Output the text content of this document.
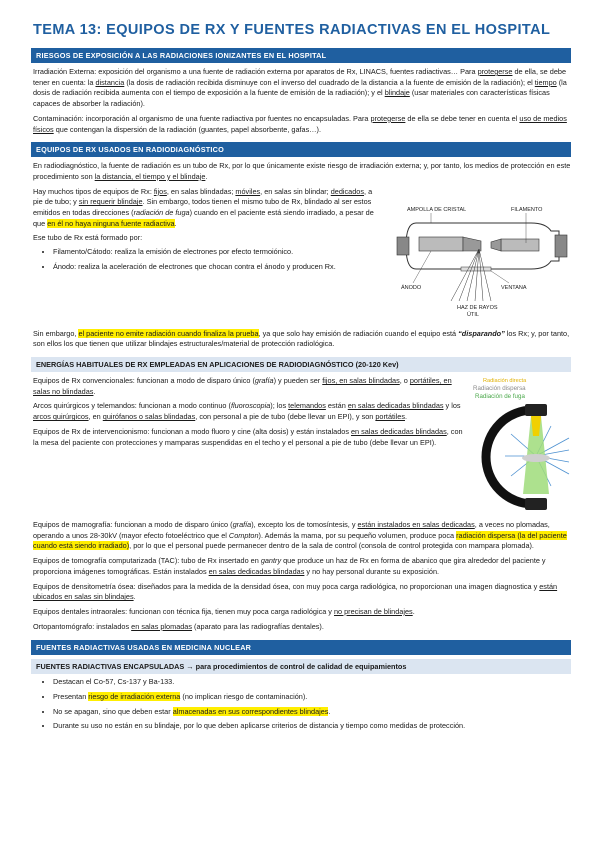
TEMA 13: EQUIPOS DE RX Y FUENTES RADIACTIVAS EN EL HOSPITAL
RIESGOS DE EXPOSICIÓN A LAS RADIACIONES IONIZANTES EN EL HOSPITAL

Irradiación Externa: exposición del organismo a una fuente de radiación externa por aparatos de Rx, LINACS, fuentes radiactivas… Para protegerse de ella, se debe tener en cuenta: la distancia (la dosis de radiación recibida disminuye con el inverso del cuadrado de la distancia a la fuente de emisión de la radiación); el tiempo (la dosis de radiación recibida aumenta con el tiempo de exposición a la fuente de emisión de la radiación); y el blindaje (usar materiales con características físicas capaces de absorber la radiación).

Contaminación: incorporación al organismo de una fuente radiactiva por fuentes no encapsuladas. Para protegerse de ella se debe tener en cuenta el uso de medios físicos que contengan la dispersión de la radiación (guantes, papel absorbente, gafas…).

EQUIPOS DE RX USADOS EN RADIODIAGNÓSTICO

En radiodiagnóstico, la fuente de radiación es un tubo de Rx, por lo que únicamente existe riesgo de irradiación externa; y, por tanto, los medios de protección en este procedimiento son la distancia, el tiempo y el blindaje.

Hay muchos tipos de equipos de Rx: fijos, en salas blindadas; móviles, en salas sin blindar; dedicados, a pie de tubo; y sin requerir blindaje. Sin embargo, todos tienen el mismo tubo de Rx, blindado al ser estos emitidos en todas direcciones (radiación de fuga) cuando en el paciente está siendo irradiado, a pesar de que en él no haya ninguna fuente radiactiva.

Ese tubo de Rx está formado por:

• Filamento/Cátodo: realiza la emisión de electrones por efecto termoiónico.
• Ánodo: realiza la aceleración de electrones que chocan contra el ánodo y producen Rx.
AMPOLLA DE CRISTAL	FILAMENTO
ÁNODO	VENTANA
HAZ DE RAYOS
ÚTIL

Sin embargo, el paciente no emite radiación cuando finaliza la prueba, ya que solo hay emisión de radiación cuando el equipo está “disparando” los Rx; y, por tanto, son ellos los que tienen que utilizar blindajes estructurales/material de protección radiológica.

ENERGÍAS HABITUALES DE RX EMPLEADAS EN APLICACIONES DE RADIODIAGNÓSTICO (20-120 Kev)

Equipos de Rx convencionales: funcionan a modo de disparo único (grafía) y pueden ser fijos, en salas blindadas, o portátiles, en salas no blindadas.

Arcos quirúrgicos y telemandos: funcionan a modo continuo (fluoroscopia); los telemandos están en salas dedicadas blindadas y los arcos quirúrgicos, en quirófanos o salas blindadas, con personal a pie de tubo (debe llevar un EPI), y son portátiles.

Equipos de Rx de intervencionismo: funcionan a modo fluoro y cine (alta dosis) y están instalados en salas dedicadas blindadas, con la mesa del paciente con protecciones y mamparas suspendidas en el techo y el personal a pie de tubo (debe llevar un EPI).

Radiación directa
Radiación dispersa
Radiación de fuga

Equipos de mamografía: funcionan a modo de disparo único (grafía), excepto los de tomosíntesis, y están instalados en salas dedicadas, a veces no plomadas, operando a unos 28-30kV (mayor efecto fotoeléctrico que el Compton). Además la mama, por su pequeño volumen, produce poca radiación dispersa (la del paciente cuando está siendo irradiado), por lo que el personal puede permanecer dentro de la sala de control (consola de control protegida con mampara plomada).

Equipos de tomografía computarizada (TAC): tubo de Rx insertado en gantry que produce un haz de Rx en forma de abanico que gira alrededor del paciente y proporciona imágenes tomográficas. Están instalados en salas dedicadas blindadas y no hay personal durante su exposición.

Equipos de densitometría ósea: diseñados para la medida de la densidad ósea, con muy poca carga radiológica, no proporcionan una imagen diagnostica y están ubicados en salas sin blindajes.

Equipos dentales intraorales: funcionan con técnica fija, tienen muy poca carga radiológica y no precisan de blindajes.

Ortopantomógrafo: instalados en salas plomadas (aparato para las radiografías dentales).

FUENTES RADIACTIVAS USADAS EN MEDICINA NUCLEAR
FUENTES RADIACTIVAS ENCAPSULADAS → para procedimientos de control de calidad de equipamientos
• Destacan el Co-57, Cs-137 y Ba-133.
• Presentan riesgo de irradiación externa (no implican riesgo de contaminación).
• No se apagan, sino que deben estar almacenadas en sus correspondientes blindajes.
• Durante su uso no están en su blindaje, por lo que deben aplicarse criterios de distancia y tiempo como medidas de protección.
